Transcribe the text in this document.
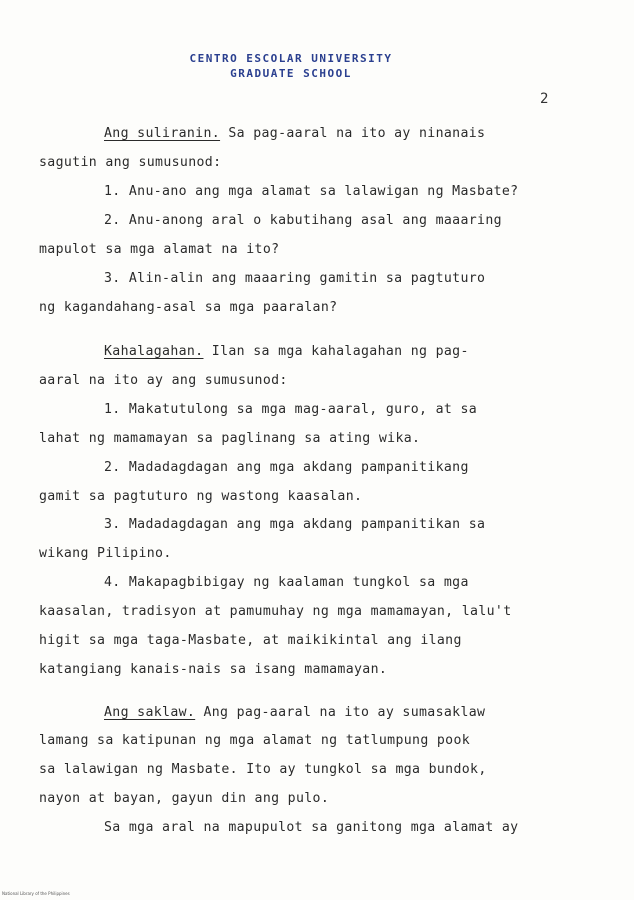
CENTRO ESCOLAR UNIVERSITY
GRADUATE SCHOOL
2
Ang suliranin. Sa pag-aaral na ito ay ninanais
sagutin ang sumusunod:
1. Anu-ano ang mga alamat sa lalawigan ng Masbate?
2. Anu-anong aral o kabutihang asal ang maaaring
mapulot sa mga alamat na ito?
3. Alin-alin ang maaaring gamitin sa pagtuturo
ng kagandahang-asal sa mga paaralan?
Kahalagahan. Ilan sa mga kahalagahan ng pag-
aaral na ito ay ang sumusunod:
1. Makatutulong sa mga mag-aaral, guro, at sa
lahat ng mamamayan sa paglinang sa ating wika.
2. Madadagdagan ang mga akdang pampanitikang
gamit sa pagtuturo ng wastong kaasalan.
3. Madadagdagan ang mga akdang pampanitikan sa
wikang Pilipino.
4. Makapagbibigay ng kaalaman tungkol sa mga
kaasalan, tradisyon at pamumuhay ng mga mamamayan, lalu't
higit sa mga taga-Masbate, at maikikintal ang ilang
katangiang kanais-nais sa isang mamamayan.
Ang saklaw. Ang pag-aaral na ito ay sumasaklaw
lamang sa katipunan ng mga alamat ng tatlumpung pook
sa lalawigan ng Masbate. Ito ay tungkol sa mga bundok,
nayon at bayan, gayun din ang pulo.
Sa mga aral na mapupulot sa ganitong mga alamat ay
National Library of the Philippines
